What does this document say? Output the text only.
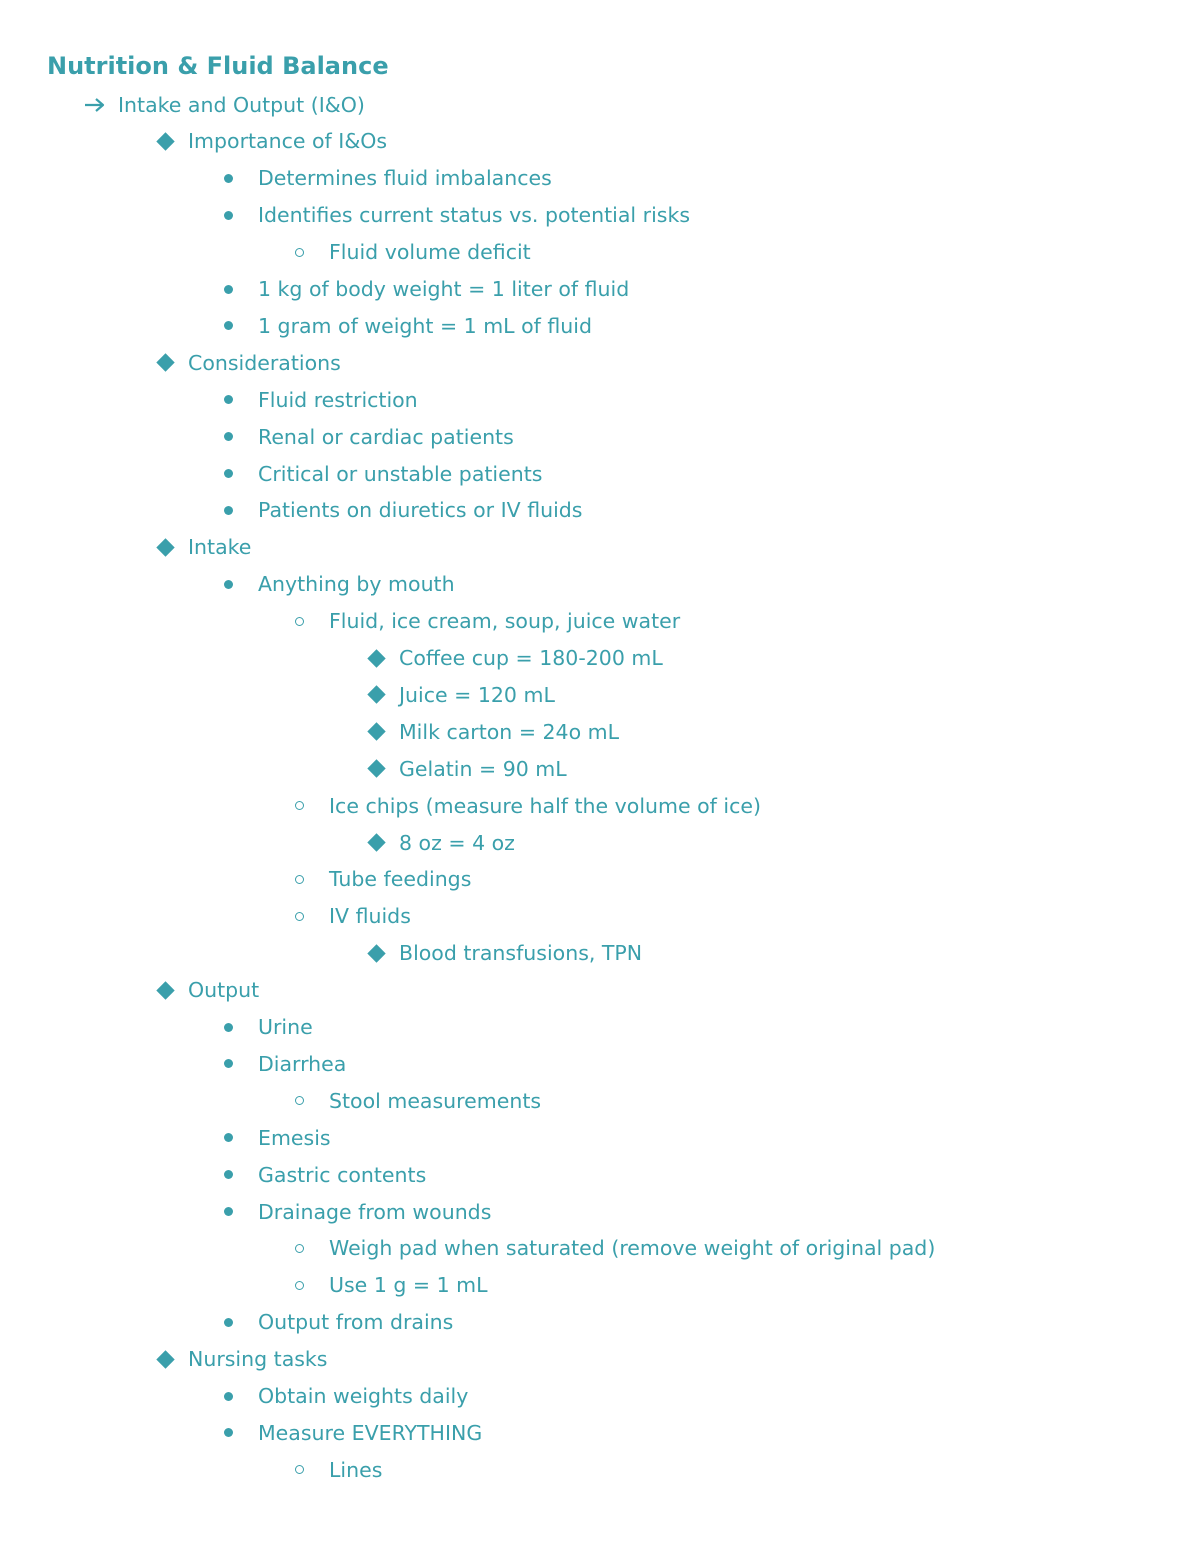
Nutrition & Fluid Balance
Intake and Output (I&O)
Importance of I&Os
Determines fluid imbalances
Identifies current status vs. potential risks
Fluid volume deficit
1 kg of body weight = 1 liter of fluid
1 gram of weight = 1 mL of fluid
Considerations
Fluid restriction
Renal or cardiac patients
Critical or unstable patients
Patients on diuretics or IV fluids
Intake
Anything by mouth
Fluid, ice cream, soup, juice water
Coffee cup = 180-200 mL
Juice = 120 mL
Milk carton = 24o mL
Gelatin = 90 mL
Ice chips (measure half the volume of ice)
8 oz = 4 oz
Tube feedings
IV fluids
Blood transfusions, TPN
Output
Urine
Diarrhea
Stool measurements
Emesis
Gastric contents
Drainage from wounds
Weigh pad when saturated (remove weight of original pad)
Use 1 g = 1 mL
Output from drains
Nursing tasks
Obtain weights daily
Measure EVERYTHING
Lines
